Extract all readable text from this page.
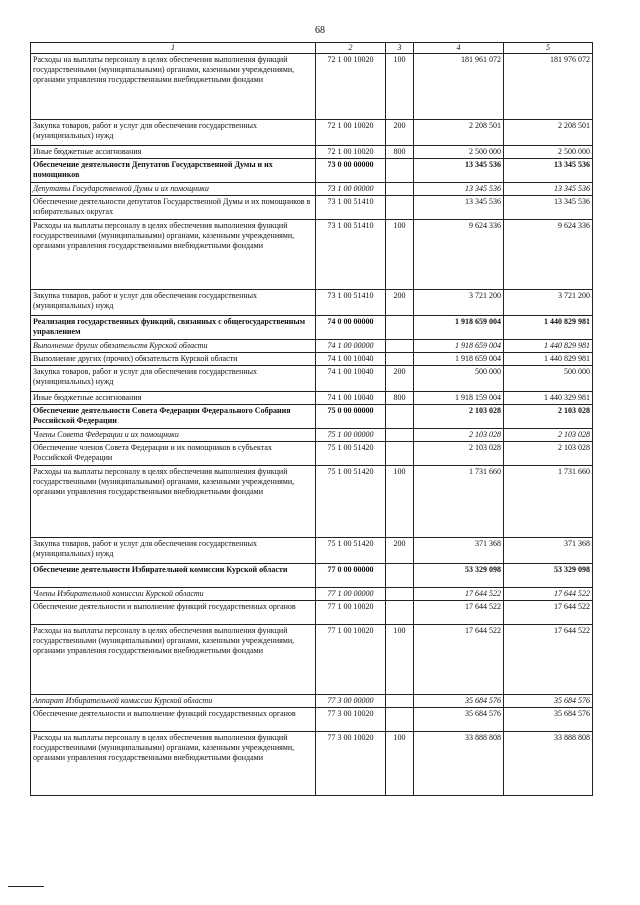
68
1	2	3	4	5
Расходы на выплаты персоналу в целях обеспечения выполнения функций государственными (муниципальными) органами, казенными учреждениями, органами управления государственными внебюджетными фондами	72 1 00 10020	100	181 961 072	181 976 072
Закупка товаров, работ и услуг для обеспечения государственных (муниципальных) нужд	72 1 00 10020	200	2 208 501	2 208 501
Иные бюджетные ассигнования	72 1 00 10020	800	2 500 000	2 500 000
Обеспечение деятельности Депутатов Государственной Думы и их помощников	73 0 00 00000		13 345 536	13 345 536
Депутаты Государственной Думы и их помощники	73 1 00 00000		13 345 536	13 345 536
Обеспечение деятельности депутатов Государственной Думы и их помощников в избирательных округах	73 1 00 51410		13 345 536	13 345 536
Расходы на выплаты персоналу в целях обеспечения выполнения функций государственными (муниципальными) органами, казенными учреждениями, органами управления государственными внебюджетными фондами	73 1 00 51410	100	9 624 336	9 624 336
Закупка товаров, работ и услуг для обеспечения государственных (муниципальных) нужд	73 1 00 51410	200	3 721 200	3 721 200
Реализация государственных функций, связанных с общегосударственным управлением	74 0 00 00000		1 918 659 004	1 440 829 981
Выполнение других обязательств Курской области	74 1 00 00000		1 918 659 004	1 440 829 981
Выполнение других (прочих) обязательств Курской области	74 1 00 10040		1 918 659 004	1 440 829 981
Закупка товаров, работ и услуг для обеспечения государственных (муниципальных) нужд	74 1 00 10040	200	500 000	500 000
Иные бюджетные ассигнования	74 1 00 10040	800	1 918 159 004	1 440 329 981
Обеспечение деятельности Совета Федерации Федерального Собрания Российской Федерации	75 0 00 00000		2 103 028	2 103 028
Члены Совета Федерации и их помощники	75 1 00 00000		2 103 028	2 103 028
Обеспечение членов Совета Федерации и их помощников в субъектах Российской Федерации	75 1 00 51420		2 103 028	2 103 028
Расходы на выплаты персоналу в целях обеспечения выполнения функций государственными (муниципальными) органами, казенными учреждениями, органами управления государственными внебюджетными фондами	75 1 00 51420	100	1 731 660	1 731 660
Закупка товаров, работ и услуг для обеспечения государственных (муниципальных) нужд	75 1 00 51420	200	371 368	371 368
Обеспечение деятельности Избирательной комиссии Курской области	77 0 00 00000		53 329 098	53 329 098
Члены Избирательной комиссии Курской области	77 1 00 00000		17 644 522	17 644 522
Обеспечение деятельности и выполнение функций государственных органов	77 1 00 10020		17 644 522	17 644 522
Расходы на выплаты персоналу в целях обеспечения выполнения функций государственными (муниципальными) органами, казенными учреждениями, органами управления государственными внебюджетными фондами	77 1 00 10020	100	17 644 522	17 644 522
Аппарат Избирательной комиссии Курской области	77 3 00 00000		35 684 576	35 684 576
Обеспечение деятельности и выполнение функций государственных органов	77 3 00 10020		35 684 576	35 684 576
Расходы на выплаты персоналу в целях обеспечения выполнения функций государственными (муниципальными) органами, казенными учреждениями, органами управления государственными внебюджетными фондами	77 3 00 10020	100	33 888 808	33 888 808
